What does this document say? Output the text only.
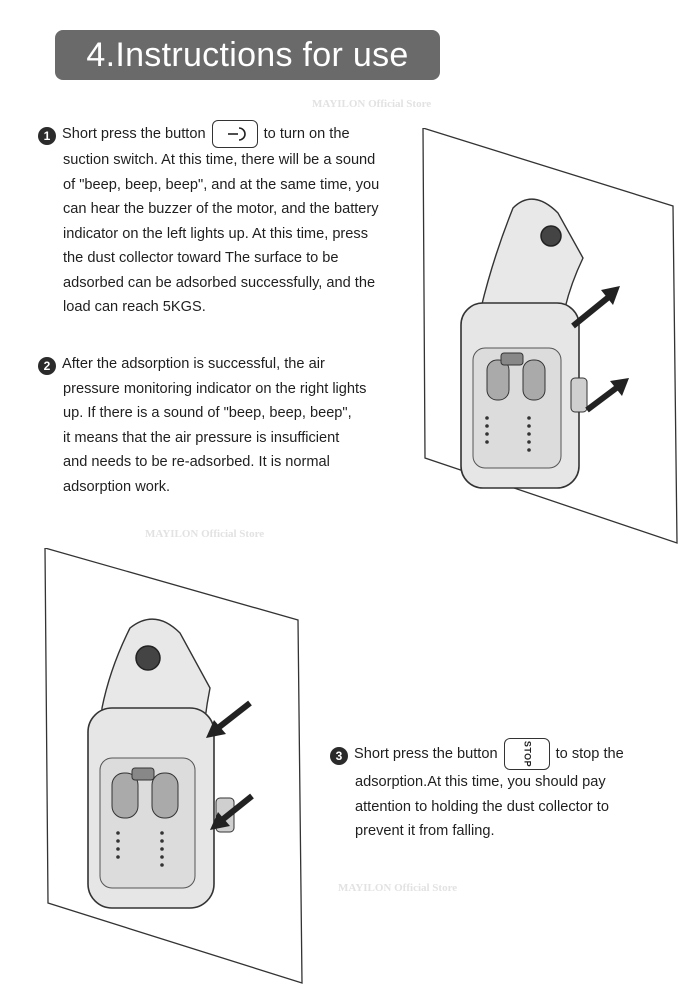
4.Instructions for use
MAYILON Official Store
MAYILON Official Store
MAYILON Official Store
1 Short press the button	to turn on the
suction switch. At this time, there will be a sound
of "beep, beep, beep", and at the same time, you
can hear the buzzer of the motor, and the battery
indicator on the left lights up. At this time, press
the dust collector toward The surface to be
adsorbed can be adsorbed successfully, and the
load can reach 5KGS.
2 After the adsorption is successful, the air
pressure monitoring indicator on the right lights
up. If there is a sound of "beep, beep, beep",
it means that the air pressure is insufficient
and needs to be re-adsorbed. It is normal
adsorption work.
3 Short press the button	STOP	to stop the
adsorption.At this time, you should pay
attention to holding the dust collector to
prevent it from falling.
